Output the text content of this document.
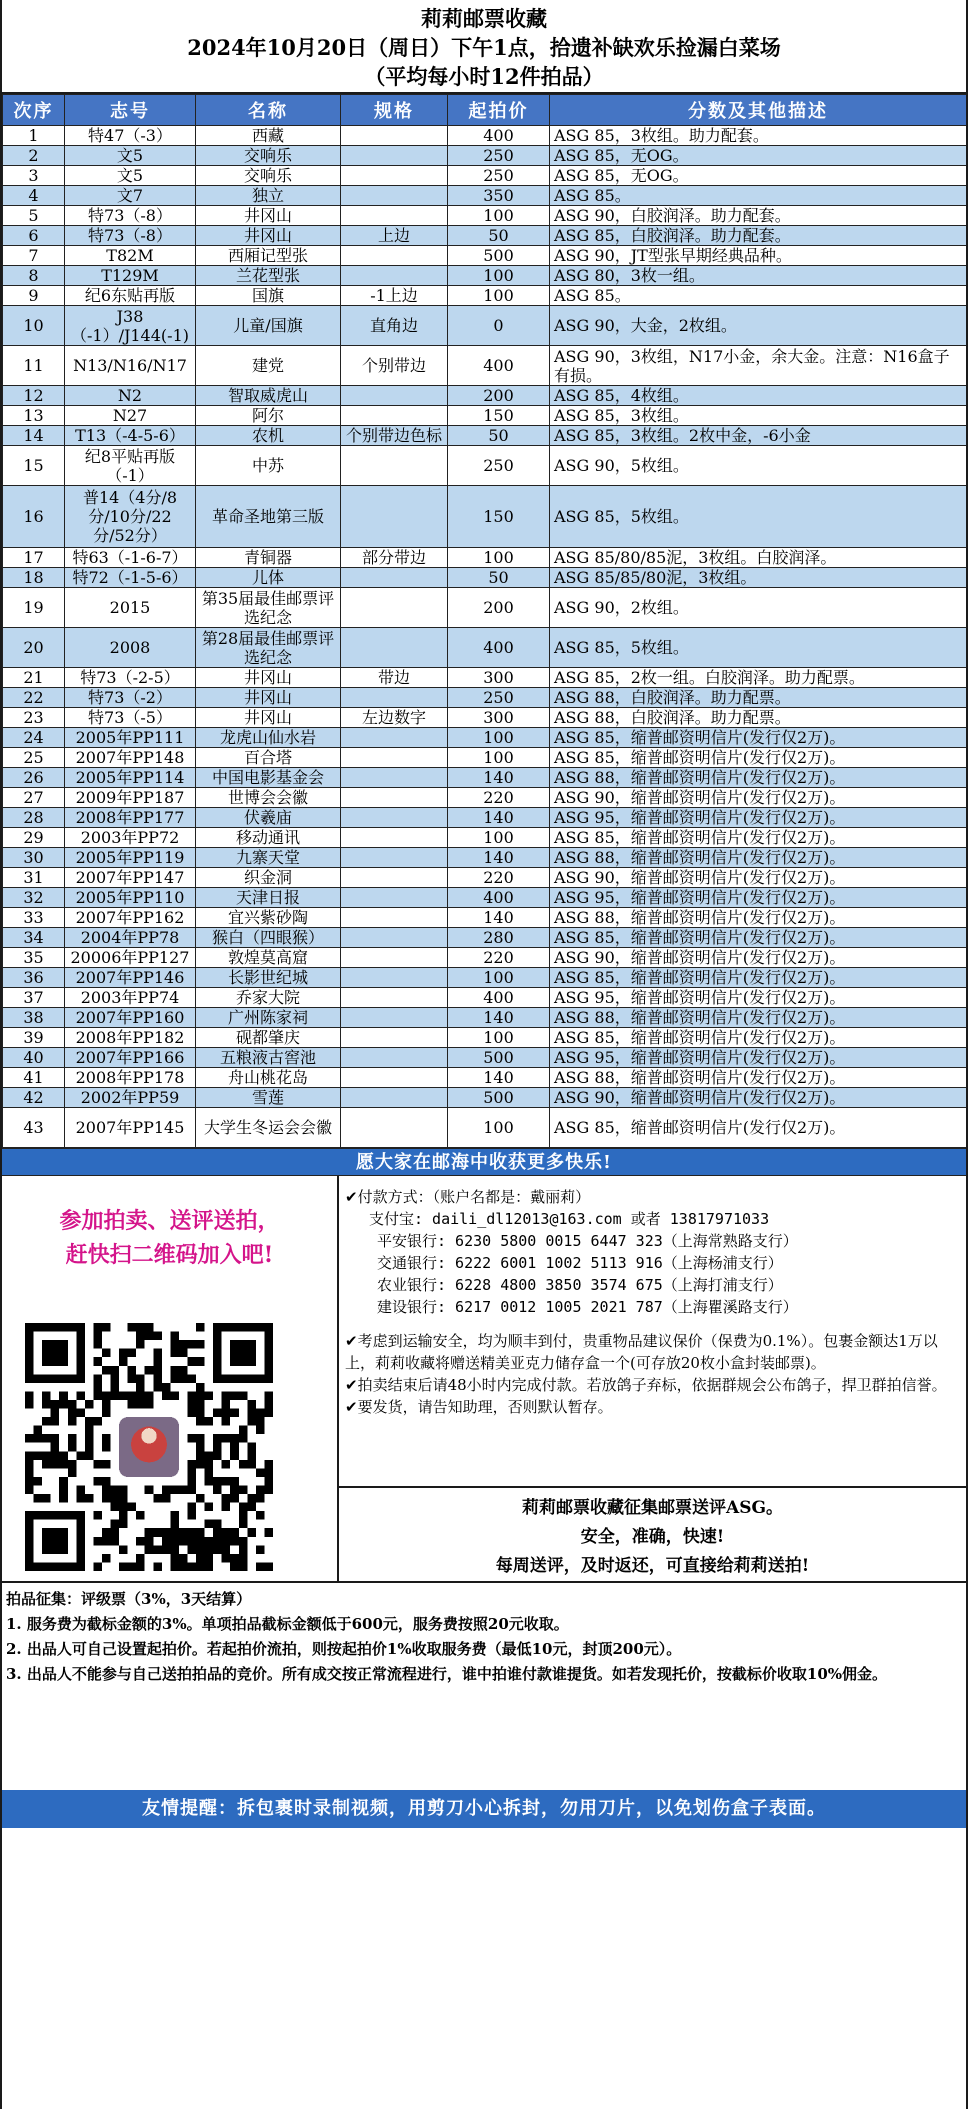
莉莉邮票收藏
2024年10月20日（周日）下午1点，拾遗补缺欢乐捡漏白菜场
（平均每小时12件拍品）
次序	志号	名称	规格	起拍价	分数及其他描述
1	特47（-3）	西藏		400	ASG 85，3枚组。助力配套。
2	文5	交响乐		250	ASG 85，无OG。
3	文5	交响乐		250	ASG 85，无OG。
4	文7	独立		350	ASG 85。
5	特73（-8）	井冈山		100	ASG 90，白胶润泽。助力配套。
6	特73（-8）	井冈山	上边	50	ASG 85，白胶润泽。助力配套。
7	T82M	西厢记型张		500	ASG 90，JT型张早期经典品种。
8	T129M	兰花型张		100	ASG 80，3枚一组。
9	纪6东贴再版	国旗	-1上边	100	ASG 85。
10	J38（-1）/J144(-1)	儿童/国旗	直角边	0	ASG 90，大金，2枚组。
11	N13/N16/N17	建党	个别带边	400	ASG 90，3枚组，N17小金，余大金。注意：N16盒子有损。
12	N2	智取威虎山		200	ASG 85，4枚组。
13	N27	阿尔		150	ASG 85，3枚组。
14	T13（-4-5-6）	农机	个别带边色标	50	ASG 85，3枚组。2枚中金，-6小金
15	纪8平贴再版（-1）	中苏		250	ASG 90，5枚组。
16	普14（4分/8分/10分/22分/52分）	革命圣地第三版		150	ASG 85，5枚组。
17	特63（-1-6-7）	青铜器	部分带边	100	ASG 85/80/85泥，3枚组。白胶润泽。
18	特72（-1-5-6）	儿体		50	ASG 85/85/80泥，3枚组。
19	2015	第35届最佳邮票评选纪念		200	ASG 90，2枚组。
20	2008	第28届最佳邮票评选纪念		400	ASG 85，5枚组。
21	特73（-2-5）	井冈山	带边	300	ASG 85，2枚一组。白胶润泽。助力配票。
22	特73（-2）	井冈山		250	ASG 88，白胶润泽。助力配票。
23	特73（-5）	井冈山	左边数字	300	ASG 88，白胶润泽。助力配票。
24	2005年PP111	龙虎山仙水岩		100	ASG 85，缩普邮资明信片(发行仅2万)。
25	2007年PP148	百合塔		100	ASG 85，缩普邮资明信片(发行仅2万)。
26	2005年PP114	中国电影基金会		140	ASG 88，缩普邮资明信片(发行仅2万)。
27	2009年PP187	世博会会徽		220	ASG 90，缩普邮资明信片(发行仅2万)。
28	2008年PP177	伏羲庙		140	ASG 95，缩普邮资明信片(发行仅2万)。
29	2003年PP72	移动通讯		100	ASG 85，缩普邮资明信片(发行仅2万)。
30	2005年PP119	九寨天堂		140	ASG 88，缩普邮资明信片(发行仅2万)。
31	2007年PP147	织金洞		220	ASG 90，缩普邮资明信片(发行仅2万)。
32	2005年PP110	天津日报		400	ASG 95，缩普邮资明信片(发行仅2万)。
33	2007年PP162	宜兴紫砂陶		140	ASG 88，缩普邮资明信片(发行仅2万)。
34	2004年PP78	猴白（四眼猴）		280	ASG 85，缩普邮资明信片(发行仅2万)。
35	20006年PP127	敦煌莫高窟		220	ASG 90，缩普邮资明信片(发行仅2万)。
36	2007年PP146	长影世纪城		100	ASG 85，缩普邮资明信片(发行仅2万)。
37	2003年PP74	乔家大院		400	ASG 95，缩普邮资明信片(发行仅2万)。
38	2007年PP160	广州陈家祠		140	ASG 88，缩普邮资明信片(发行仅2万)。
39	2008年PP182	砚都肇庆		100	ASG 85，缩普邮资明信片(发行仅2万)。
40	2007年PP166	五粮液古窖池		500	ASG 95，缩普邮资明信片(发行仅2万)。
41	2008年PP178	舟山桃花岛		140	ASG 88，缩普邮资明信片(发行仅2万)。
42	2002年PP59	雪莲		500	ASG 90，缩普邮资明信片(发行仅2万)。
43	2007年PP145	大学生冬运会会徽		100	ASG 85，缩普邮资明信片(发行仅2万)。
愿大家在邮海中收获更多快乐!
参加拍卖、送评送拍，
赶快扫二维码加入吧!
✔付款方式：（账户名都是：戴丽莉）
支付宝: daili_dl12013@163.com 或者 13817971033
平安银行: 6230 5800 0015 6447 323（上海常熟路支行）
交通银行: 6222 6001 1002 5113 916（上海杨浦支行）
农业银行: 6228 4800 3850 3574 675（上海打浦支行）
建设银行: 6217 0012 1005 2021 787（上海瞿溪路支行）
✔考虑到运输安全，均为顺丰到付，贵重物品建议保价（保费为0.1%）。包裹金额达1万以上，莉莉收藏将赠送精美亚克力储存盒一个(可存放20枚小盒封装邮票)。
✔拍卖结束后请48小时内完成付款。若放鸽子弃标，依据群规会公布鸽子，捍卫群拍信誉。
✔要发货，请告知助理，否则默认暂存。
莉莉邮票收藏征集邮票送评ASG。
安全，准确，快速!
每周送评，及时返还，可直接给莉莉送拍!
拍品征集：评级票（3%，3天结算）
1. 服务费为截标金额的3%。单项拍品截标金额低于600元，服务费按照20元收取。
2. 出品人可自己设置起拍价。若起拍价流拍，则按起拍价1%收取服务费（最低10元，封顶200元）。
3. 出品人不能参与自己送拍拍品的竞价。所有成交按正常流程进行，谁中拍谁付款谁提货。如若发现托价，按截标价收取10%佣金。
友情提醒：拆包裹时录制视频，用剪刀小心拆封，勿用刀片，以免划伤盒子表面。
